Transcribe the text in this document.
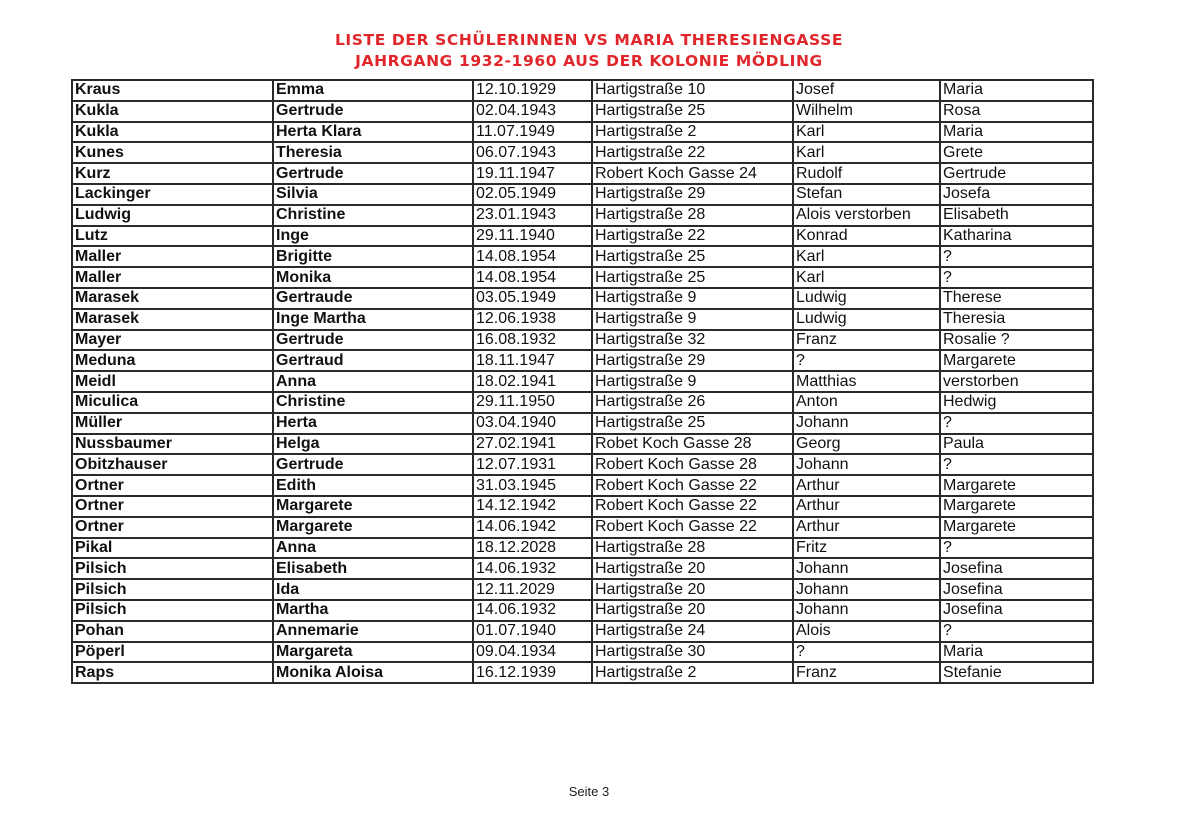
LISTE DER SCHÜLERINNEN VS MARIA THERESIENGASSE
JAHRGANG 1932-1960 AUS DER KOLONIE MÖDLING
Kraus	Emma	12.10.1929	Hartigstraße 10	Josef	Maria
Kukla	Gertrude	02.04.1943	Hartigstraße 25	Wilhelm	Rosa
Kukla	Herta Klara	11.07.1949	Hartigstraße 2	Karl	Maria
Kunes	Theresia	06.07.1943	Hartigstraße 22	Karl	Grete
Kurz	Gertrude	19.11.1947	Robert Koch Gasse 24	Rudolf	Gertrude
Lackinger	Silvia	02.05.1949	Hartigstraße 29	Stefan	Josefa
Ludwig	Christine	23.01.1943	Hartigstraße 28	Alois verstorben	Elisabeth
Lutz	Inge	29.11.1940	Hartigstraße 22	Konrad	Katharina
Maller	Brigitte	14.08.1954	Hartigstraße 25	Karl	?
Maller	Monika	14.08.1954	Hartigstraße 25	Karl	?
Marasek	Gertraude	03.05.1949	Hartigstraße 9	Ludwig	Therese
Marasek	Inge Martha	12.06.1938	Hartigstraße 9	Ludwig	Theresia
Mayer	Gertrude	16.08.1932	Hartigstraße 32	Franz	Rosalie ?
Meduna	Gertraud	18.11.1947	Hartigstraße 29	?	Margarete
Meidl	Anna	18.02.1941	Hartigstraße 9	Matthias	verstorben
Miculica	Christine	29.11.1950	Hartigstraße 26	Anton	Hedwig
Müller	Herta	03.04.1940	Hartigstraße 25	Johann	?
Nussbaumer	Helga	27.02.1941	Robet Koch Gasse 28	Georg	Paula
Obitzhauser	Gertrude	12.07.1931	Robert Koch Gasse 28	Johann	?
Ortner	Edith	31.03.1945	Robert Koch Gasse 22	Arthur	Margarete
Ortner	Margarete	14.12.1942	Robert Koch Gasse 22	Arthur	Margarete
Ortner	Margarete	14.06.1942	Robert Koch Gasse 22	Arthur	Margarete
Pikal	Anna	18.12.2028	Hartigstraße 28	Fritz	?
Pilsich	Elisabeth	14.06.1932	Hartigstraße 20	Johann	Josefina
Pilsich	Ida	12.11.2029	Hartigstraße 20	Johann	Josefina
Pilsich	Martha	14.06.1932	Hartigstraße 20	Johann	Josefina
Pohan	Annemarie	01.07.1940	Hartigstraße 24	Alois	?
Pöperl	Margareta	09.04.1934	Hartigstraße 30	?	Maria
Raps	Monika Aloisa	16.12.1939	Hartigstraße 2	Franz	Stefanie
Seite 3
